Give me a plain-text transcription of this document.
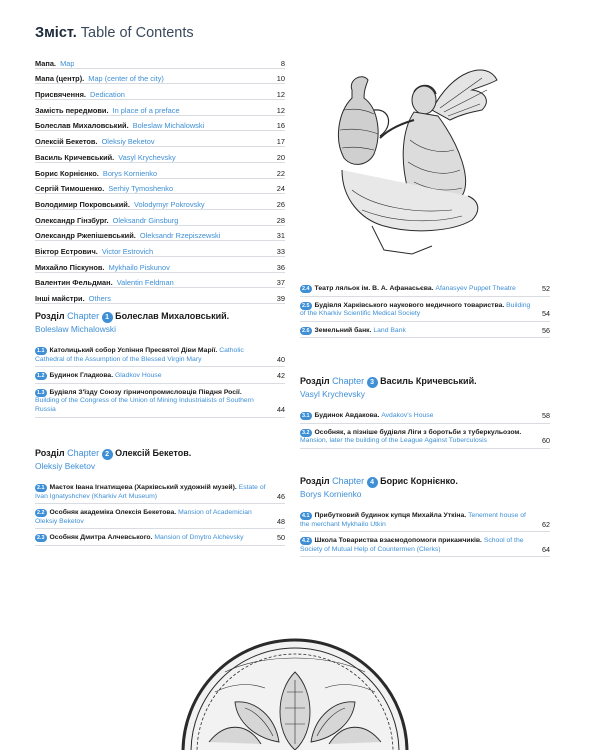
Зміст. Table of Contents
Мапа. Map	8
Мапа (центр). Map (center of the city)	10
Присвячення. Dedication	12
Замість передмови. In place of a preface	12
Болеслав Михаловський. Boleslaw Michalowski	16
Олексій Бекетов. Oleksiy Beketov	17
Василь Кричевський. Vasyl Krychevsky	20
Борис Корнієнко. Borys Kornienko	22
Сергій Тимошенко. Serhiy Tymoshenko	24
Володимир Покровський. Volodymyr Pokrovsky	26
Олександр Гінзбург. Oleksandr Ginsburg	28
Олександр Ржепішевський. Oleksandr Rzepiszewski	31
Віктор Естрович. Victor Estrovich	33
Михайло Піскунов. Mykhailo Piskunov	36
Валентин Фельдман. Valentin Feldman	37
Інші майстри. Others	39
Розділ Chapter 1 Болеслав Михаловський.
Boleslaw Michalowski
1.1 Католицький собор Успіння Пресвятої Діви Марії. Catholic Cathedral of the Assumption of the Blessed Virgin Mary	40
1.2 Будинок Гладкова. Gladkov House	42
1.3 Будівля З'їзду Союзу гірничопромисловців Півдня Росії. Building of the Congress of the Union of Mining Industrialists of Southern Russia	44
Розділ Chapter 2 Олексій Бекетов.
Oleksiy Beketov
2.1 Маєток Івана Ігнатищева (Харківський художній музей). Estate of Ivan Ignatyshchev (Kharkiv Art Museum)	46
2.2 Особняк академіка Олексія Бекетова. Mansion of Academician Oleksiy Beketov	48
2.3 Особняк Дмитра Алчевського. Mansion of Dmytro Alchevsky	50
2.4 Театр ляльок ім. В. А. Афанасьєва. Afanasyev Puppet Theatre	52
2.5 Будівля Харківського наукового медичного товариства. Building of the Kharkiv Scientific Medical Society	54
2.6 Земельний банк. Land Bank	56
Розділ Chapter 3 Василь Кричевський.
Vasyl Krychevsky
3.1 Будинок Авдакова. Avdakov's House	58
3.2 Особняк, а пізніше будівля Ліги з боротьби з туберкульозом. Mansion, later the building of the League Against Tuberculosis	60
Розділ Chapter 4 Борис Корнієнко.
Borys Kornienko
4.1 Прибутковий будинок купця Михайла Уткіна. Tenement house of the merchant Mykhailo Utkin	62
4.2 Школа Товариства взаємодопомоги прикажчиків. School of the Society of Mutual Help of Countermen (Clerks)	64
